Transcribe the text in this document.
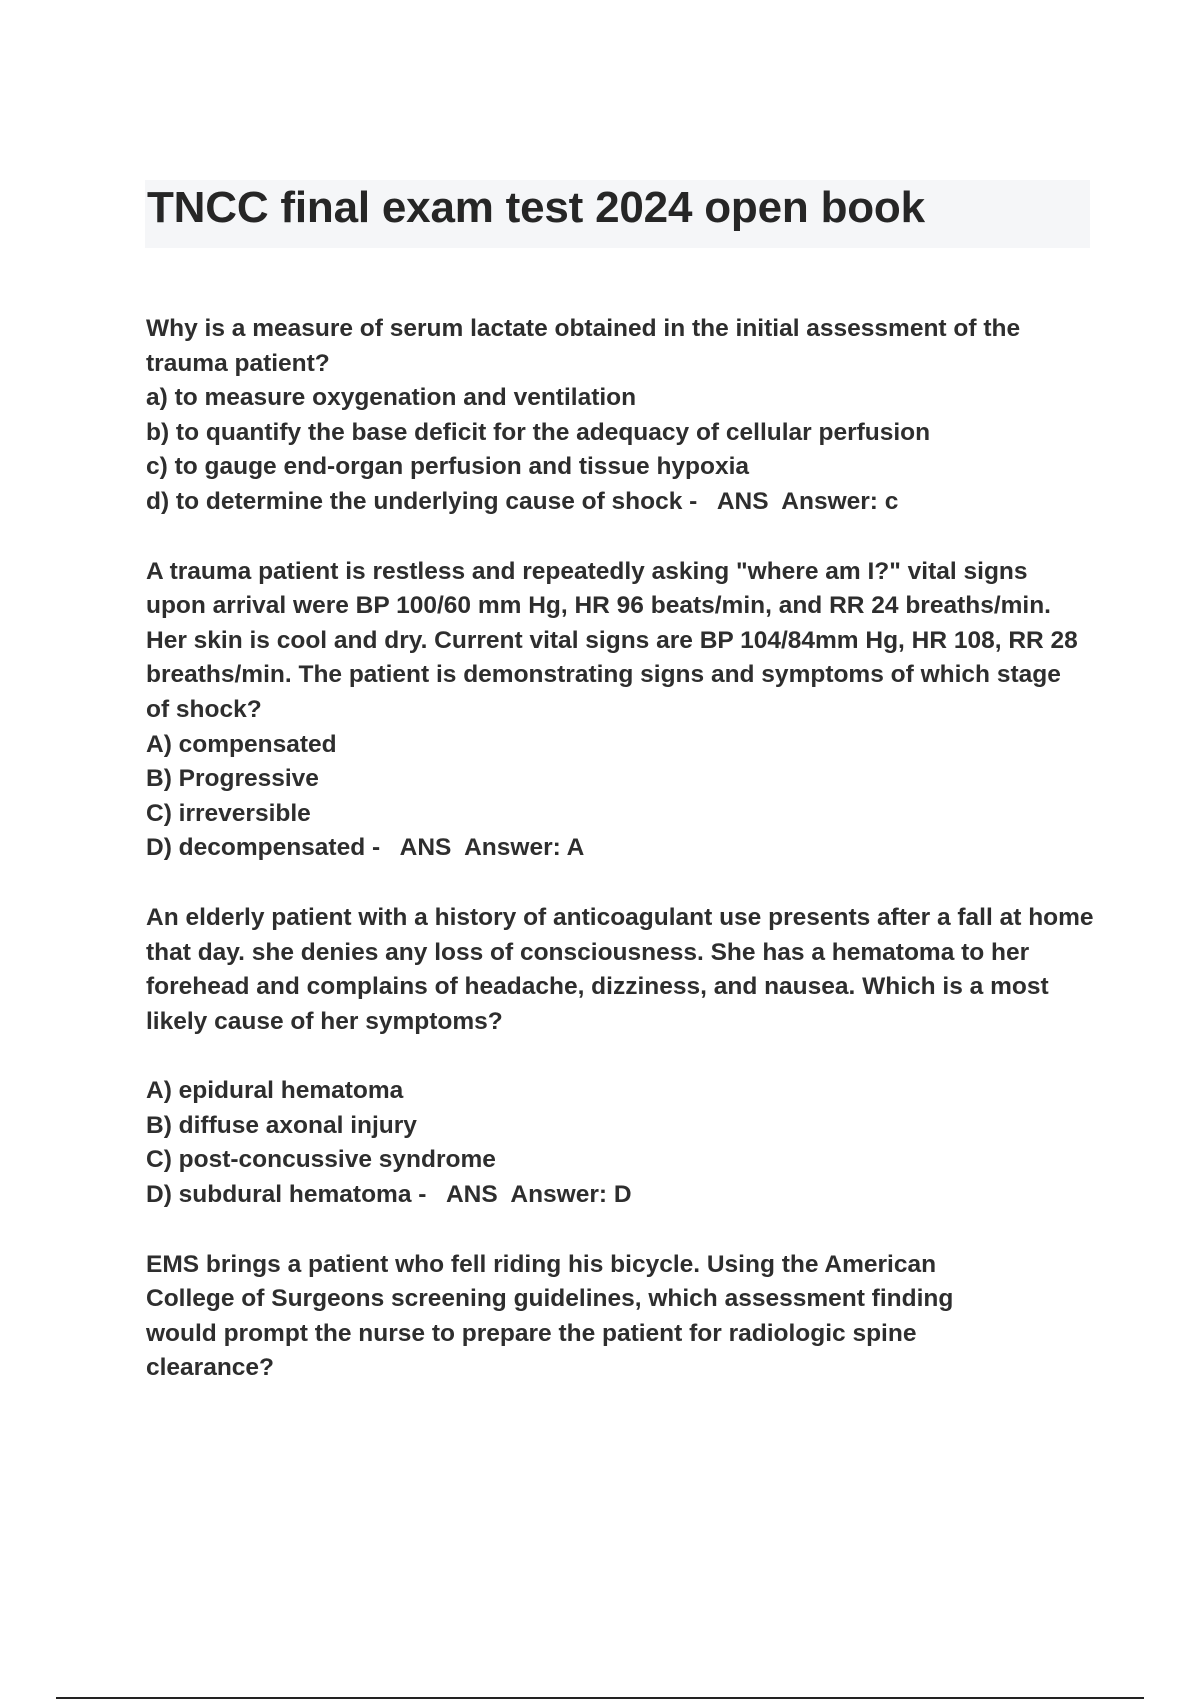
TNCC final exam test 2024 open book

Why is a measure of serum lactate obtained in the initial assessment of the trauma patient?

a) to measure oxygenation and ventilation

b) to quantify the base deficit for the adequacy of cellular perfusion

c) to gauge end-organ perfusion and tissue hypoxia

d) to determine the underlying cause of shock - ANS  Answer: c

A trauma patient is restless and repeatedly asking "where am I?" vital signs upon arrival were BP 100/60 mm Hg, HR 96 beats/min, and RR 24 breaths/min. Her skin is cool and dry. Current vital signs are BP 104/84mm Hg, HR 108, RR 28 breaths/min. The patient is demonstrating signs and symptoms of which stage of shock?

A) compensated

B) Progressive

C) irreversible

D) decompensated - ANS  Answer: A

An elderly patient with a history of anticoagulant use presents after a fall at home that day. she denies any loss of consciousness. She has a hematoma to her forehead and complains of headache, dizziness, and nausea. Which is a most likely cause of her symptoms?

A) epidural hematoma

B) diffuse axonal injury

C) post-concussive syndrome

D) subdural hematoma - ANS  Answer: D

EMS brings a patient who fell riding his bicycle. Using the American College of Surgeons screening guidelines, which assessment finding would prompt the nurse to prepare the patient for radiologic spine clearance?
